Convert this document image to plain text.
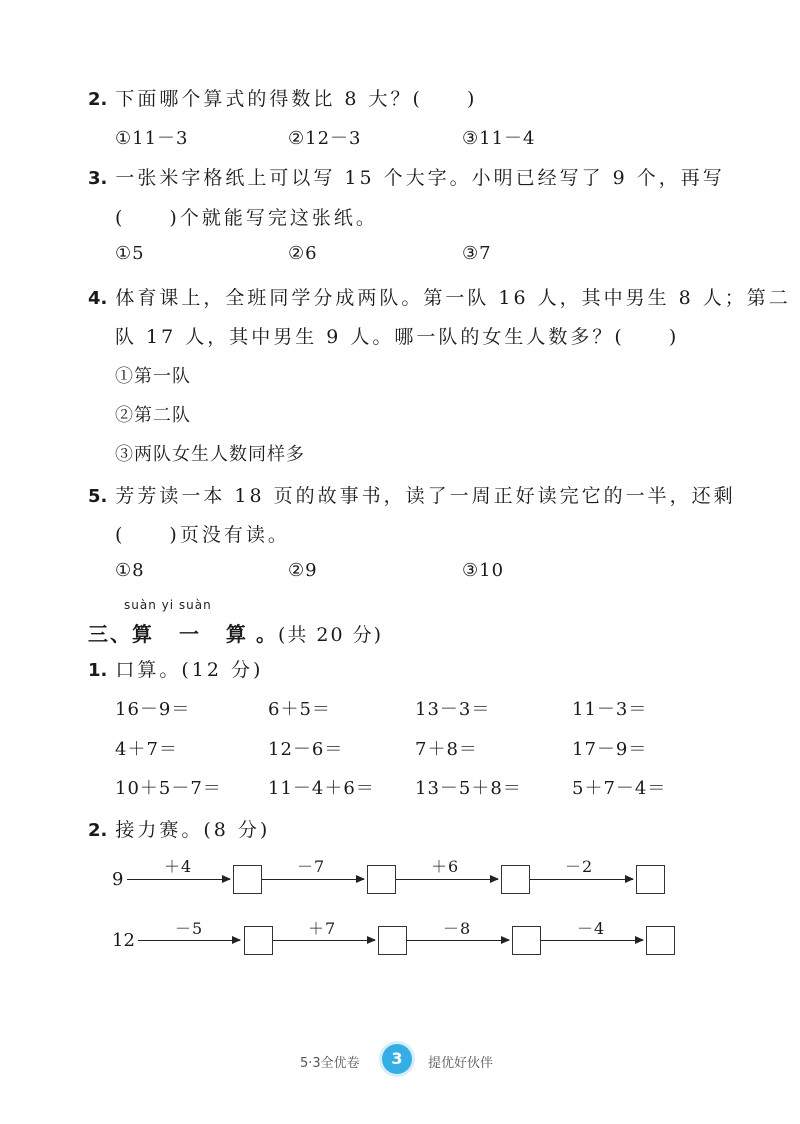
2. 下面哪个算式的得数比 8 大？(　　)
①11－3	②12－3	③11－4
3. 一张米字格纸上可以写 15 个大字。小明已经写了 9 个，再写
(　　)个就能写完这张纸。
①5	②6	③7
4. 体育课上，全班同学分成两队。第一队 16 人，其中男生 8 人；第二
队 17 人，其中男生 9 人。哪一队的女生人数多？(　　)
①第一队
②第二队
③两队女生人数同样多
5. 芳芳读一本 18 页的故事书，读了一周正好读完它的一半，还剩
(　　)页没有读。
①8	②9	③10
suàn yi suàn
三、算 一 算。(共 20 分)
1. 口算。(12 分)
16－9＝	6＋5＝	13－3＝	11－3＝
4＋7＝	12－6＝	7＋8＝	17－9＝
10＋5－7＝	11－4＋6＝ 13－5＋8＝	5＋7－4＝
2. 接力赛。(8 分)
9
＋4	－7	＋6	－2
12
－5	＋7	－8	－4
5·3全优卷	3	提优好伙伴
